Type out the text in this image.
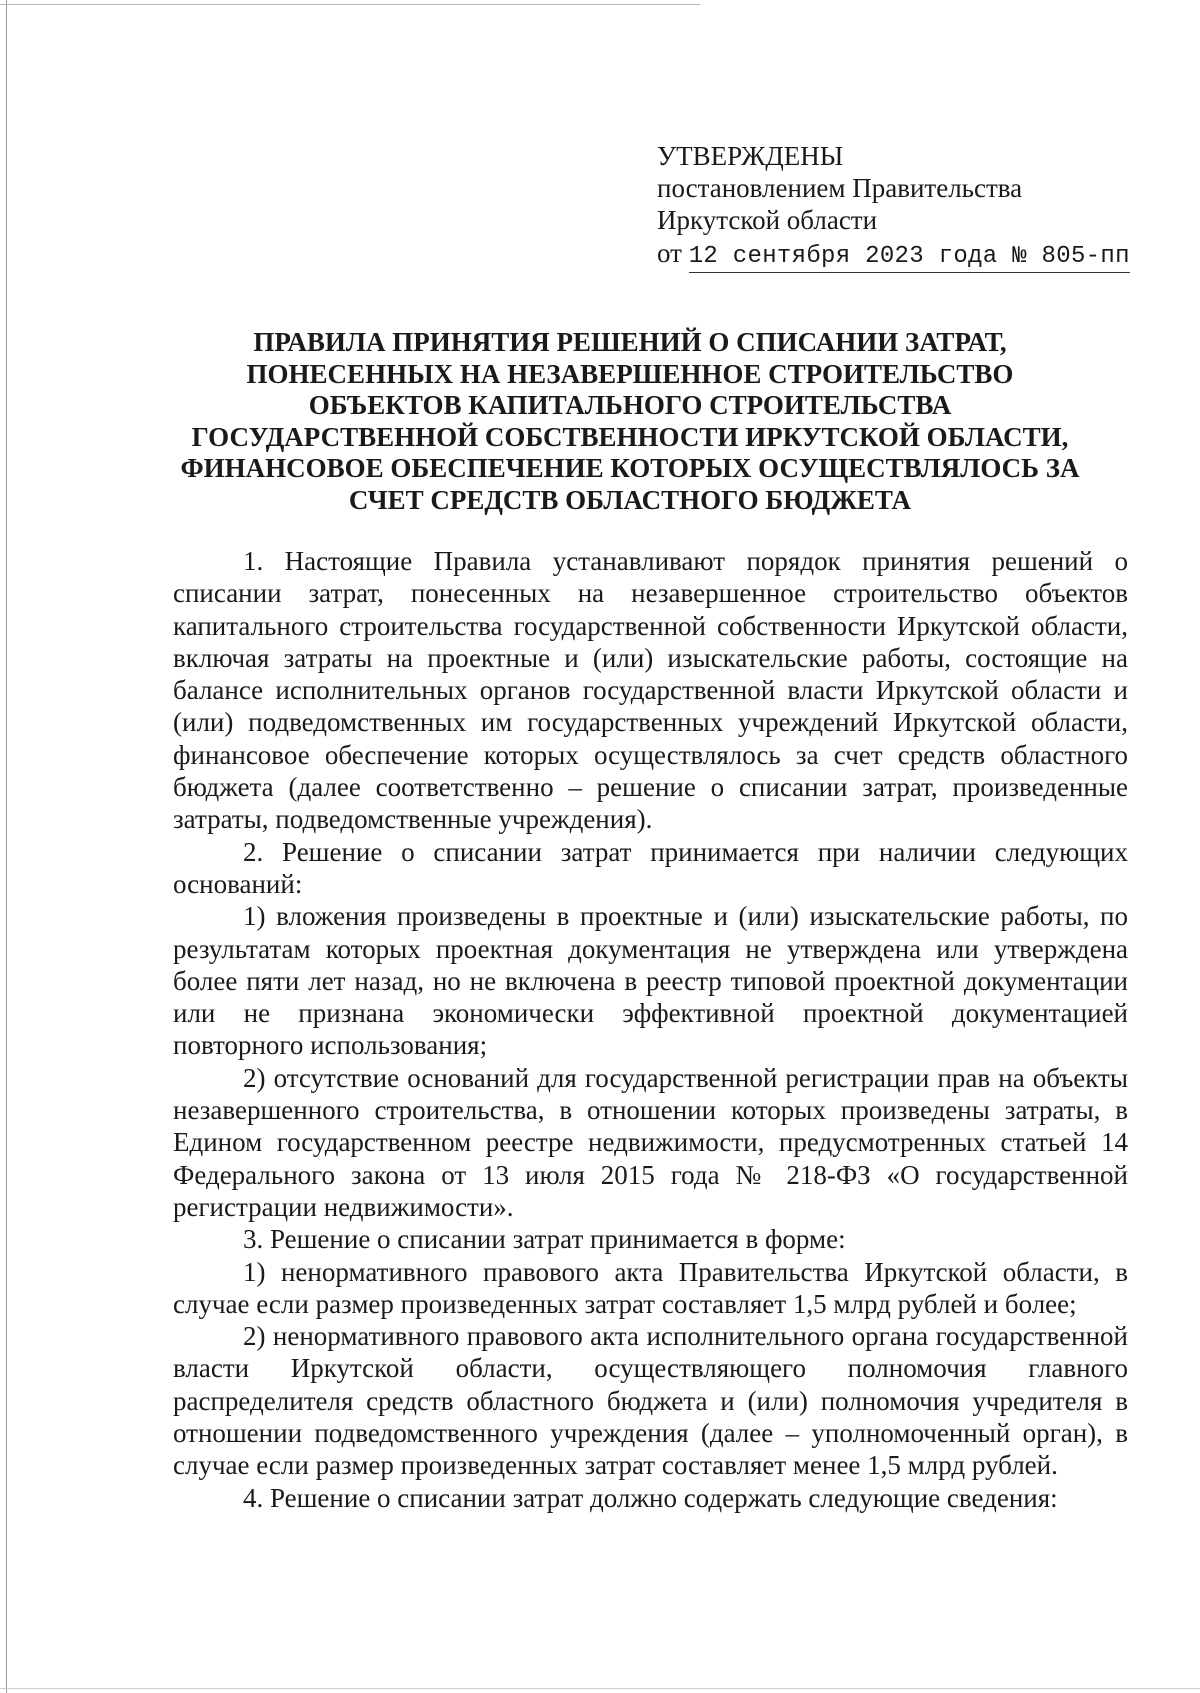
УТВЕРЖДЕНЫ
постановлением Правительства
Иркутской области
от 12 сентября 2023 года № 805-пп
ПРАВИЛА ПРИНЯТИЯ РЕШЕНИЙ О СПИСАНИИ ЗАТРАТ,
ПОНЕСЕННЫХ НА НЕЗАВЕРШЕННОЕ СТРОИТЕЛЬСТВО
ОБЪЕКТОВ КАПИТАЛЬНОГО СТРОИТЕЛЬСТВА
ГОСУДАРСТВЕННОЙ СОБСТВЕННОСТИ ИРКУТСКОЙ ОБЛАСТИ,
ФИНАНСОВОЕ ОБЕСПЕЧЕНИЕ КОТОРЫХ ОСУЩЕСТВЛЯЛОСЬ ЗА
СЧЕТ СРЕДСТВ ОБЛАСТНОГО БЮДЖЕТА

1. Настоящие Правила устанавливают порядок принятия решений о списании затрат, понесенных на незавершенное строительство объектов капитального строительства государственной собственности Иркутской области, включая затраты на проектные и (или) изыскательские работы, состоящие на балансе исполнительных органов государственной власти Иркутской области и (или) подведомственных им государственных учреждений Иркутской области, финансовое обеспечение которых осуществлялось за счет средств областного бюджета (далее соответственно – решение о списании затрат, произведенные затраты, подведомственные учреждения).

2. Решение о списании затрат принимается при наличии следующих оснований:

1) вложения произведены в проектные и (или) изыскательские работы, по результатам которых проектная документация не утверждена или утверждена более пяти лет назад, но не включена в реестр типовой проектной документации или не признана экономически эффективной проектной документацией повторного использования;

2) отсутствие оснований для государственной регистрации прав на объекты незавершенного строительства, в отношении которых произведены затраты, в Едином государственном реестре недвижимости, предусмотренных статьей 14 Федерального закона от 13 июля 2015 года № 218-ФЗ «О государственной регистрации недвижимости».

3. Решение о списании затрат принимается в форме:

1) ненормативного правового акта Правительства Иркутской области, в случае если размер произведенных затрат составляет 1,5 млрд рублей и более;

2) ненормативного правового акта исполнительного органа государственной власти Иркутской области, осуществляющего полномочия главного распределителя средств областного бюджета и (или) полномочия учредителя в отношении подведомственного учреждения (далее – уполномоченный орган), в случае если размер произведенных затрат составляет менее 1,5 млрд рублей.

4. Решение о списании затрат должно содержать следующие сведения:
